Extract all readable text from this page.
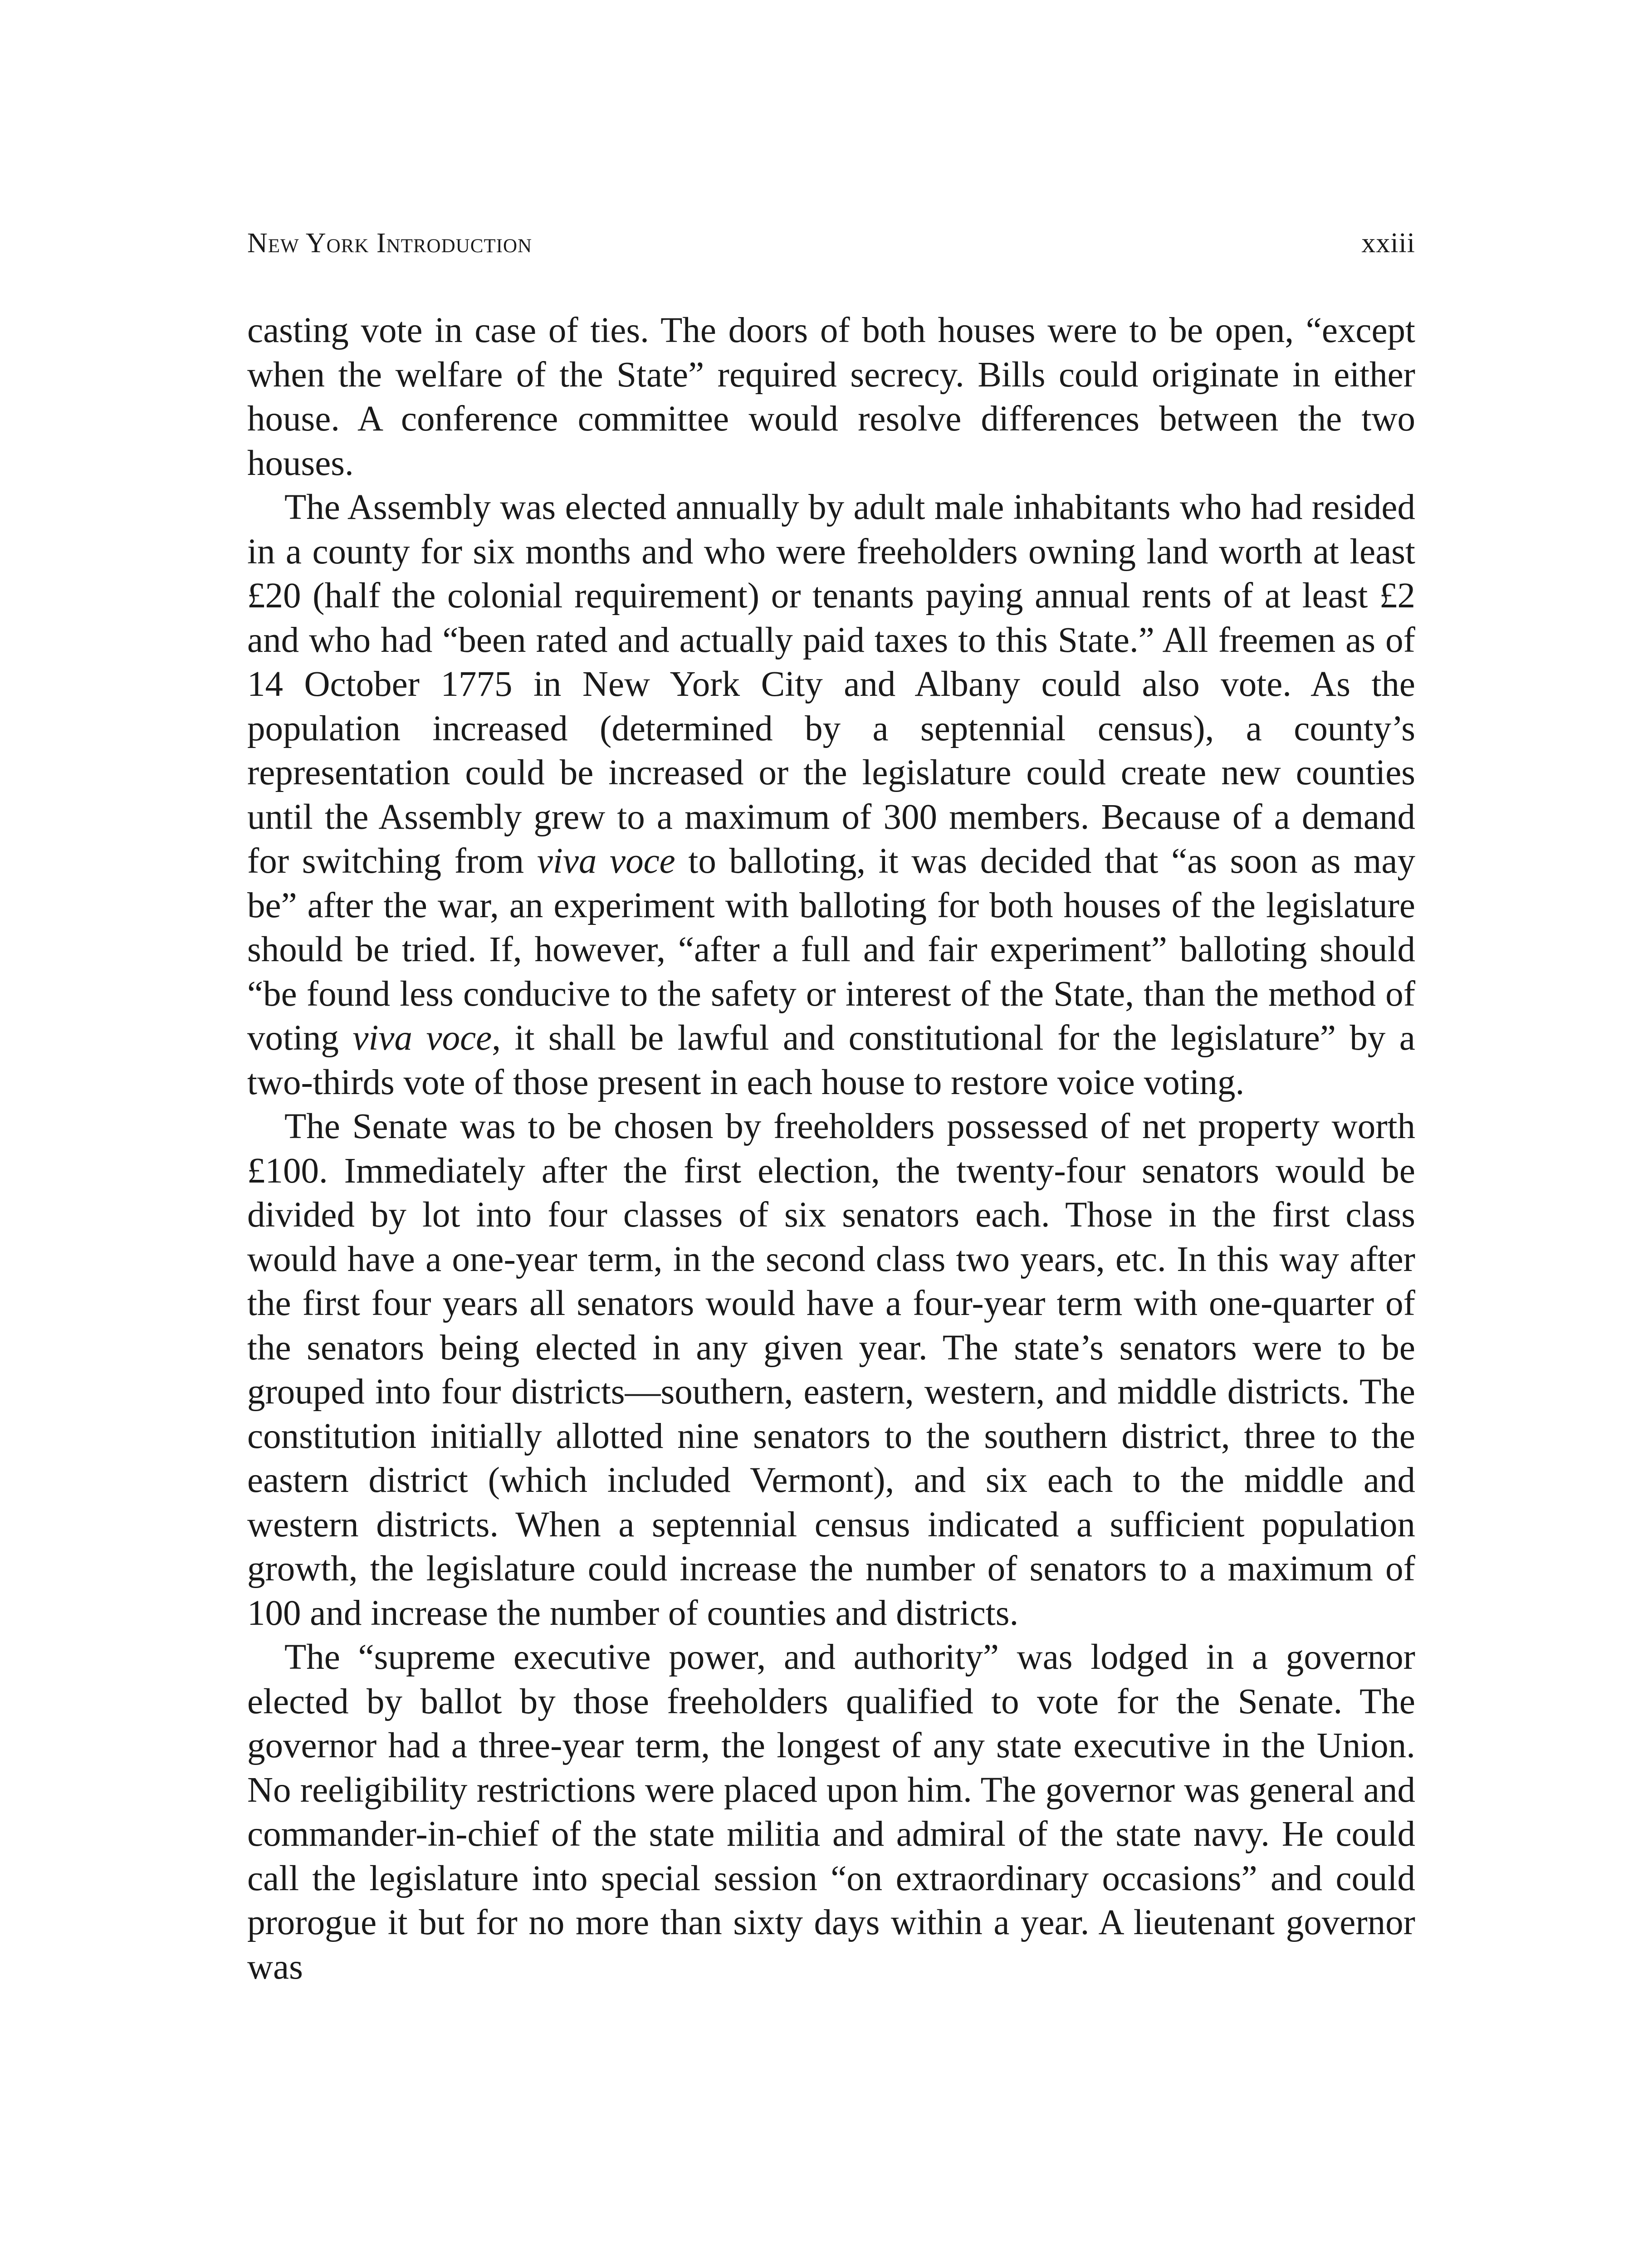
New York Introduction	xxiii

casting vote in case of ties. The doors of both houses were to be open, “except when the welfare of the State” required secrecy. Bills could originate in either house. A conference committee would resolve differences between the two houses.

The Assembly was elected annually by adult male inhabitants who had resided in a county for six months and who were freeholders owning land worth at least £20 (half the colonial requirement) or tenants paying annual rents of at least £2 and who had “been rated and actually paid taxes to this State.” All freemen as of 14 October 1775 in New York City and Albany could also vote. As the population increased (determined by a septennial census), a county’s representation could be increased or the legislature could create new counties until the Assembly grew to a maximum of 300 members. Because of a demand for switching from viva voce to balloting, it was decided that “as soon as may be” after the war, an experiment with balloting for both houses of the legislature should be tried. If, however, “after a full and fair experiment” balloting should “be found less conducive to the safety or interest of the State, than the method of voting viva voce, it shall be lawful and constitutional for the legislature” by a two-thirds vote of those present in each house to restore voice voting.

The Senate was to be chosen by freeholders possessed of net property worth £100. Immediately after the first election, the twenty-four senators would be divided by lot into four classes of six senators each. Those in the first class would have a one-year term, in the second class two years, etc. In this way after the first four years all senators would have a four-year term with one-quarter of the senators being elected in any given year. The state’s senators were to be grouped into four districts—southern, eastern, western, and middle districts. The constitution initially allotted nine senators to the southern district, three to the eastern district (which included Vermont), and six each to the middle and western districts. When a septennial census indicated a sufficient population growth, the legislature could increase the number of senators to a maximum of 100 and increase the number of counties and districts.

The “supreme executive power, and authority” was lodged in a governor elected by ballot by those freeholders qualified to vote for the Senate. The governor had a three-year term, the longest of any state executive in the Union. No reeligibility restrictions were placed upon him. The governor was general and commander-in-chief of the state militia and admiral of the state navy. He could call the legislature into special session “on extraordinary occasions” and could prorogue it but for no more than sixty days within a year. A lieutenant governor was
